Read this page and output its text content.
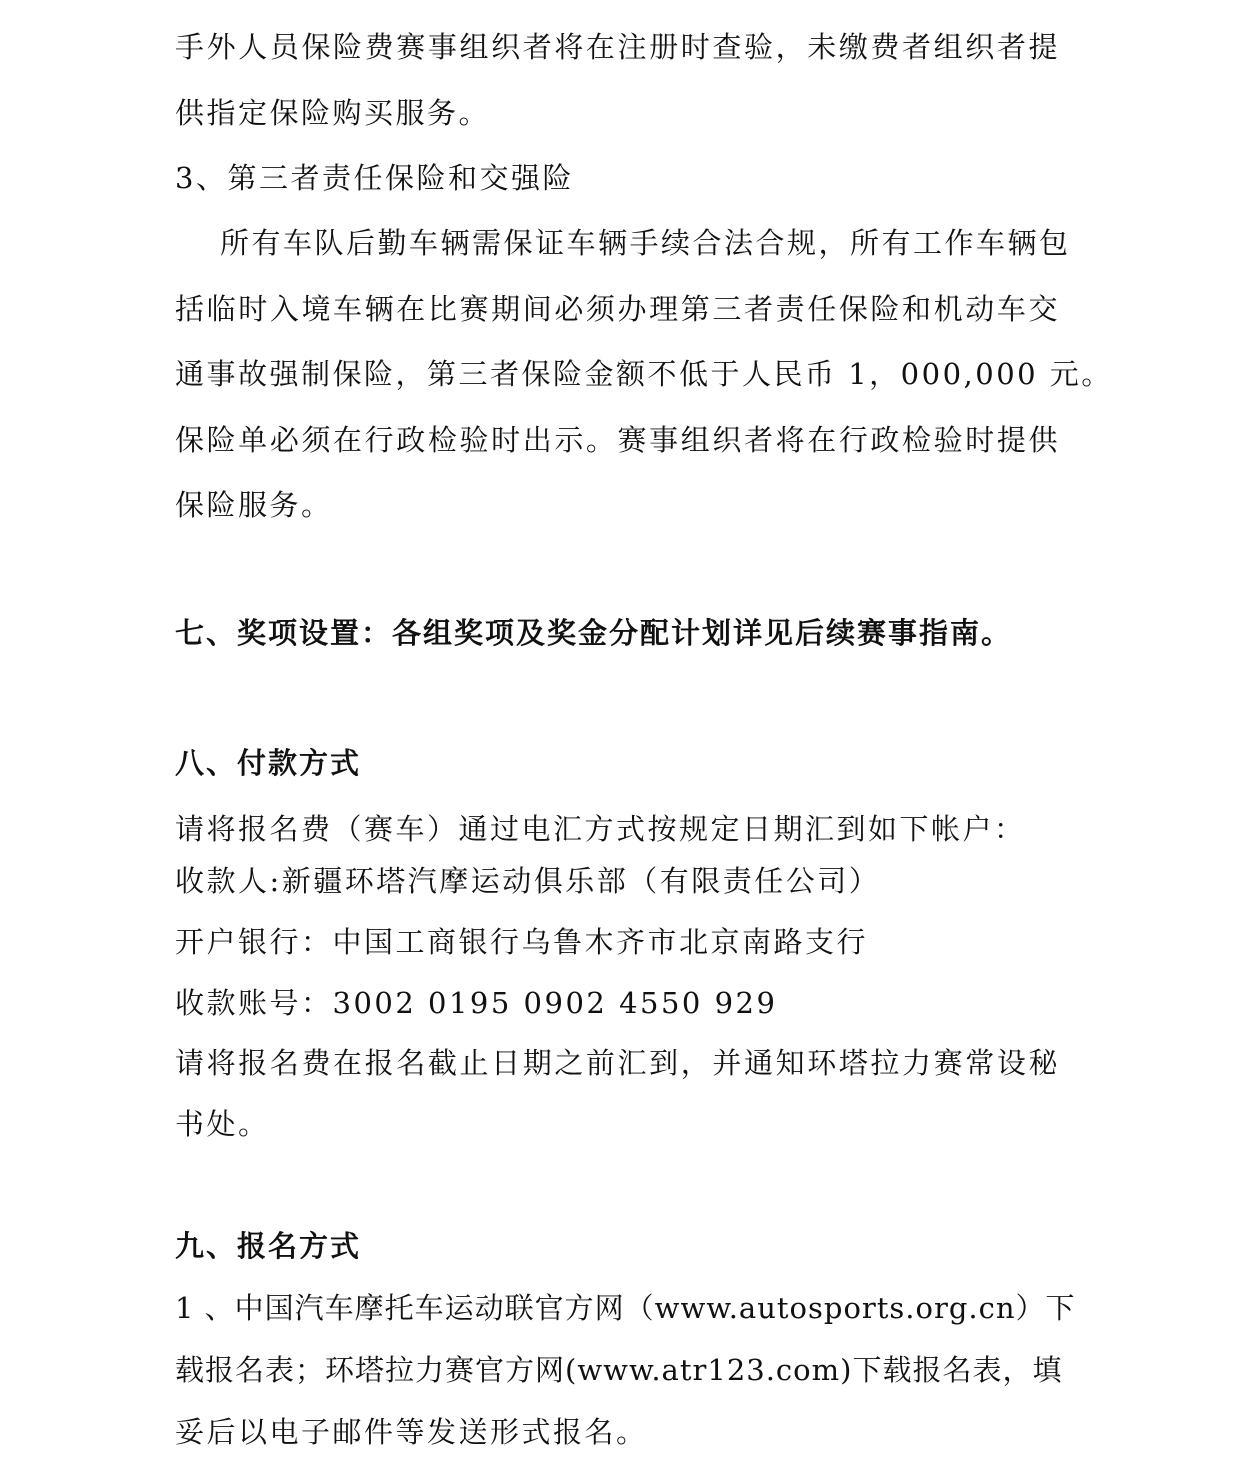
手外人员保险费赛事组织者将在注册时查验，未缴费者组织者提
供指定保险购买服务。
3、第三者责任保险和交强险
所有车队后勤车辆需保证车辆手续合法合规，所有工作车辆包
括临时入境车辆在比赛期间必须办理第三者责任保险和机动车交
通事故强制保险，第三者保险金额不低于人民币 1，000,000 元。
保险单必须在行政检验时出示。赛事组织者将在行政检验时提供
保险服务。
七、奖项设置：各组奖项及奖金分配计划详见后续赛事指南。
八、付款方式
请将报名费（赛车）通过电汇方式按规定日期汇到如下帐户：
收款人:新疆环塔汽摩运动俱乐部（有限责任公司）
开户银行：中国工商银行乌鲁木齐市北京南路支行
收款账号：3002 0195 0902 4550 929
请将报名费在报名截止日期之前汇到，并通知环塔拉力赛常设秘
书处。
九、报名方式
1 、中国汽车摩托车运动联官方网（www.autosports.org.cn）下
载报名表；环塔拉力赛官方网(www.atr123.com)下载报名表，填
妥后以电子邮件等发送形式报名。
